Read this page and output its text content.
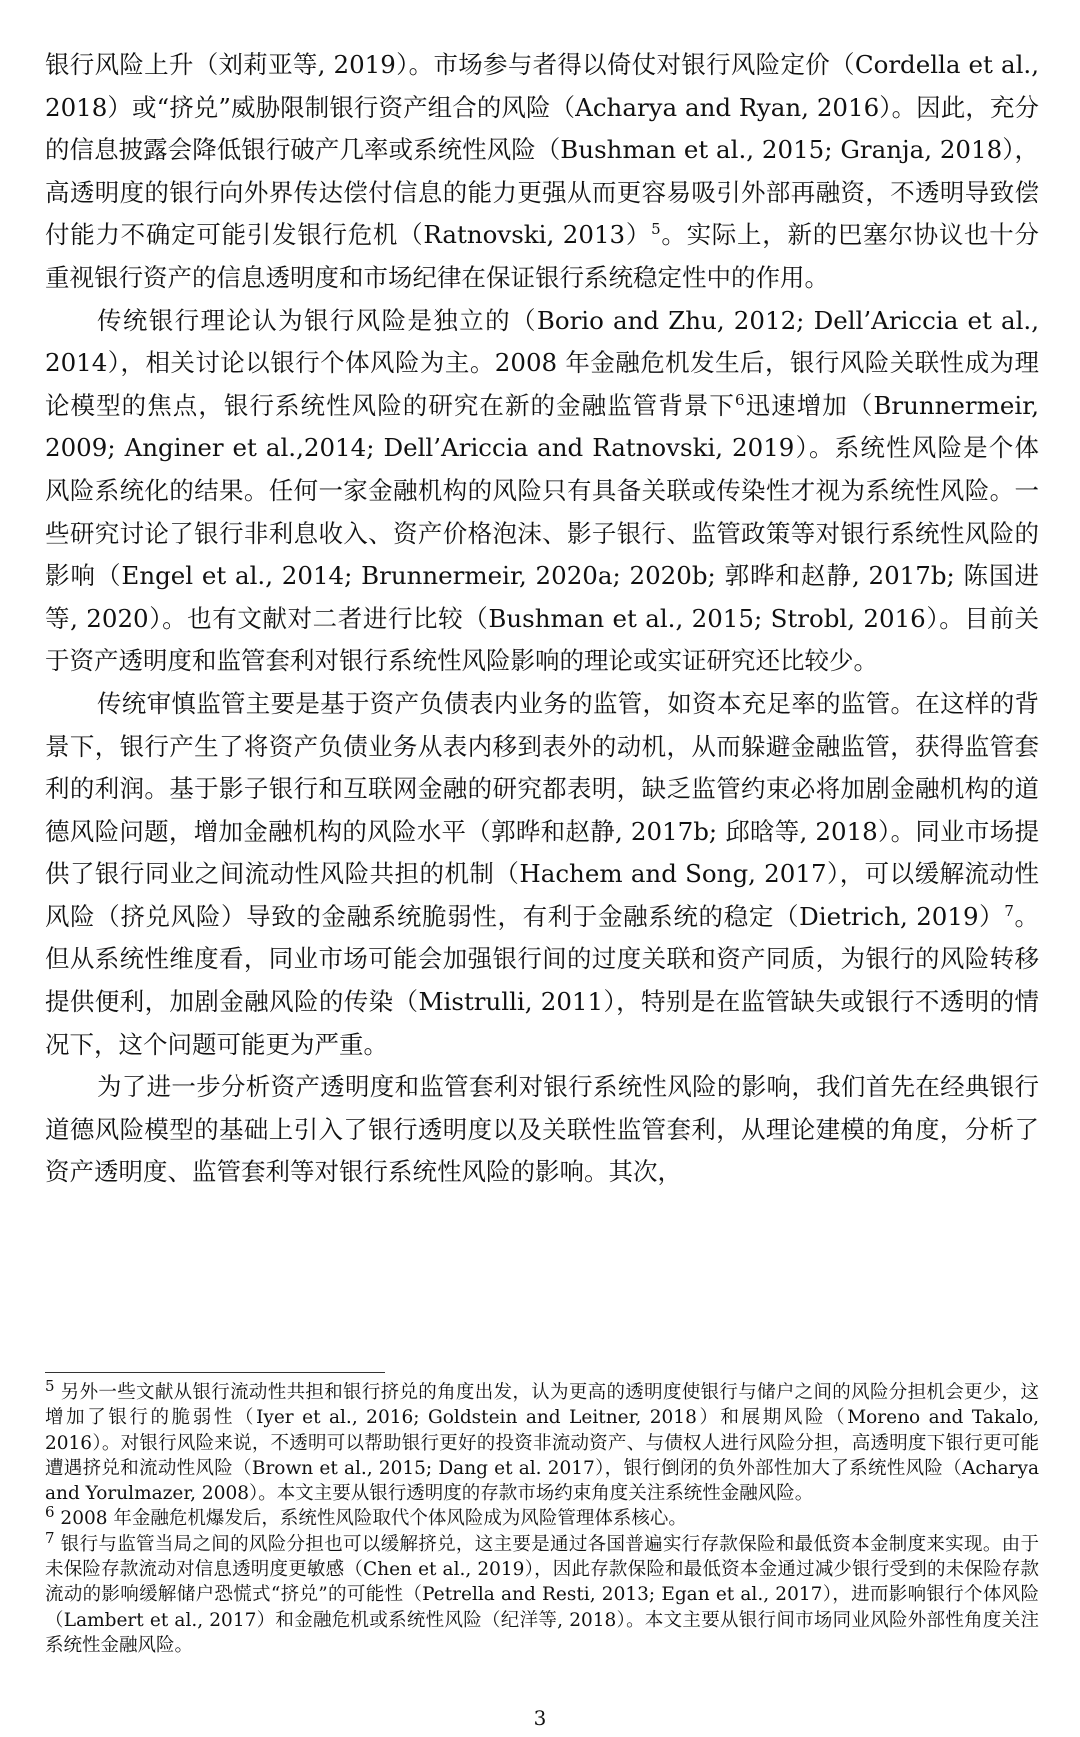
银行风险上升（刘莉亚等, 2019）。市场参与者得以倚仗对银行风险定价（Cordella et al., 2018）或“挤兑”威胁限制银行资产组合的风险（Acharya and Ryan, 2016）。因此，充分的信息披露会降低银行破产几率或系统性风险（Bushman et al., 2015; Granja, 2018），高透明度的银行向外界传达偿付信息的能力更强从而更容易吸引外部再融资，不透明导致偿付能力不确定可能引发银行危机（Ratnovski, 2013）$^5$。实际上，新的巴塞尔协议也十分重视银行资产的信息透明度和市场纪律在保证银行系统稳定性中的作用。

传统银行理论认为银行风险是独立的（Borio and Zhu, 2012; Dell’Ariccia et al., 2014），相关讨论以银行个体风险为主。2008 年金融危机发生后，银行风险关联性成为理论模型的焦点，银行系统性风险的研究在新的金融监管背景下$^6$迅速增加（Brunnermeir, 2009; Anginer et al.,2014; Dell’Ariccia and Ratnovski, 2019）。系统性风险是个体风险系统化的结果。任何一家金融机构的风险只有具备关联或传染性才视为系统性风险。一些研究讨论了银行非利息收入、资产价格泡沫、影子银行、监管政策等对银行系统性风险的影响（Engel et al., 2014; Brunnermeir, 2020a; 2020b; 郭晔和赵静, 2017b; 陈国进等, 2020）。也有文献对二者进行比较（Bushman et al., 2015; Strobl, 2016）。目前关于资产透明度和监管套利对银行系统性风险影响的理论或实证研究还比较少。

传统审慎监管主要是基于资产负债表内业务的监管，如资本充足率的监管。在这样的背景下，银行产生了将资产负债业务从表内移到表外的动机，从而躲避金融监管，获得监管套利的利润。基于影子银行和互联网金融的研究都表明，缺乏监管约束必将加剧金融机构的道德风险问题，增加金融机构的风险水平（郭晔和赵静, 2017b; 邱晗等, 2018）。同业市场提供了银行同业之间流动性风险共担的机制（Hachem and Song, 2017），可以缓解流动性风险（挤兑风险）导致的金融系统脆弱性，有利于金融系统的稳定（Dietrich, 2019）$^7$。但从系统性维度看，同业市场可能会加强银行间的过度关联和资产同质，为银行的风险转移提供便利，加剧金融风险的传染（Mistrulli, 2011），特别是在监管缺失或银行不透明的情况下，这个问题可能更为严重。

为了进一步分析资产透明度和监管套利对银行系统性风险的影响，我们首先在经典银行道德风险模型的基础上引入了银行透明度以及关联性监管套利，从理论建模的角度，分析了资产透明度、监管套利等对银行系统性风险的影响。其次，

$^5$ 另外一些文献从银行流动性共担和银行挤兑的角度出发，认为更高的透明度使银行与储户之间的风险分担机会更少，这增加了银行的脆弱性（Iyer et al., 2016; Goldstein and Leitner, 2018）和展期风险（Moreno and Takalo, 2016）。对银行风险来说，不透明可以帮助银行更好的投资非流动资产、与债权人进行风险分担，高透明度下银行更可能遭遇挤兑和流动性风险（Brown et al., 2015; Dang et al. 2017），银行倒闭的负外部性加大了系统性风险（Acharya and Yorulmazer, 2008）。本文主要从银行透明度的存款市场约束角度关注系统性金融风险。

$^6$ 2008 年金融危机爆发后，系统性风险取代个体风险成为风险管理体系核心。

$^7$ 银行与监管当局之间的风险分担也可以缓解挤兑，这主要是通过各国普遍实行存款保险和最低资本金制度来实现。由于未保险存款流动对信息透明度更敏感（Chen et al., 2019），因此存款保险和最低资本金通过减少银行受到的未保险存款流动的影响缓解储户恐慌式“挤兑”的可能性（Petrella and Resti, 2013; Egan et al., 2017），进而影响银行个体风险（Lambert et al., 2017）和金融危机或系统性风险（纪洋等, 2018）。本文主要从银行间市场同业风险外部性角度关注系统性金融风险。

3
